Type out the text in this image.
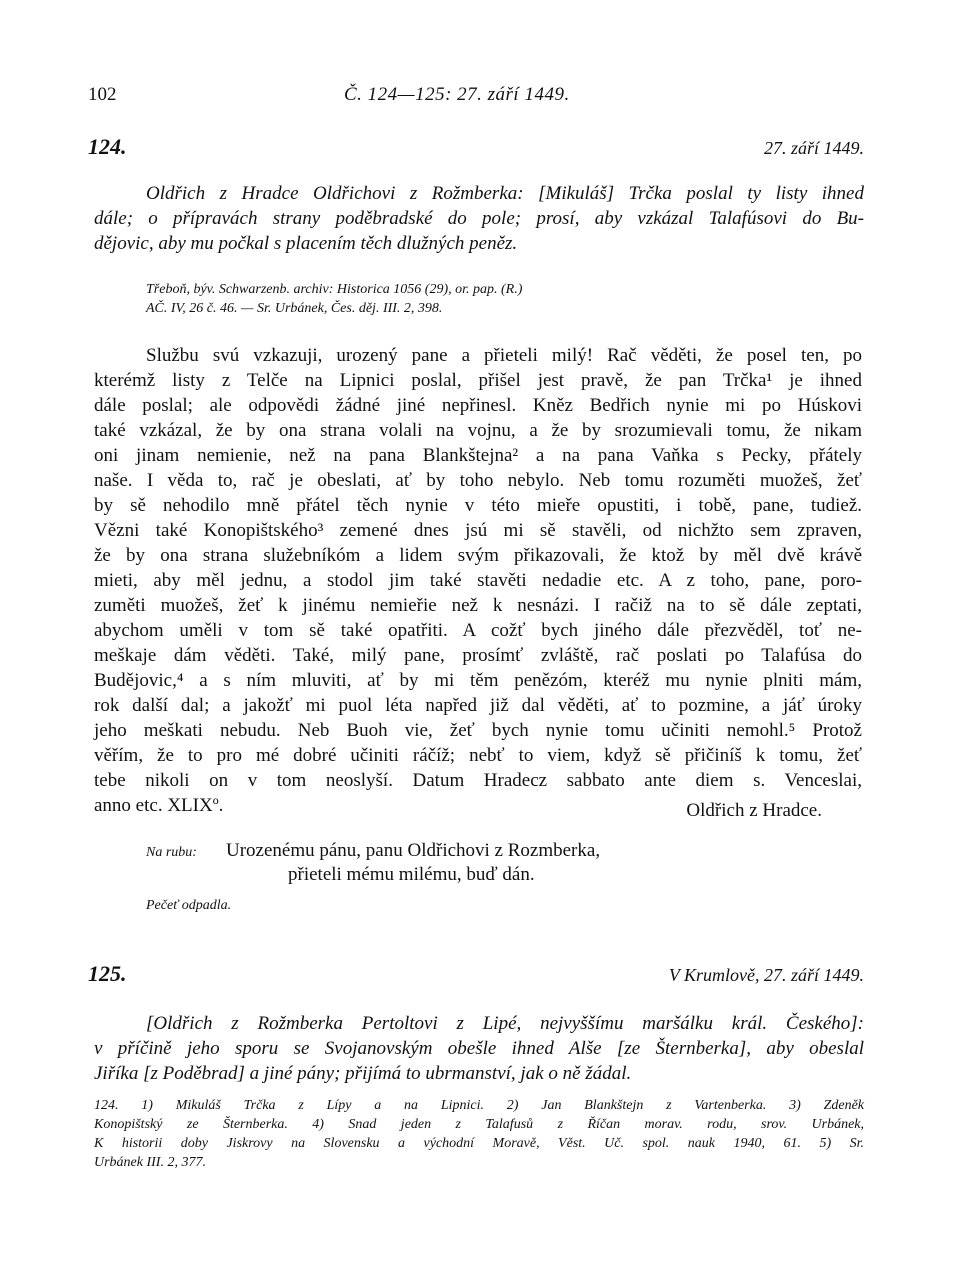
102	Č. 124—125: 27. září 1449.
124.	27. září 1449.
Oldřich z Hradce Oldřichovi z Rožmberka: [Mikuláš] Trčka poslal ty listy ihned
dále; o přípravách strany poděbradské do pole; prosí, aby vzkázal Talafúsovi do Bu-
dějovic, aby mu počkal s placením těch dlužných peněz.
Třeboň, býv. Schwarzenb. archiv: Historica 1056 (29), or. pap. (R.)
AČ. IV, 26 č. 46. — Sr. Urbánek, Čes. děj. III. 2, 398.
Službu svú vzkazuji, urozený pane a přieteli milý! Rač věděti, že posel ten, po
kterémž listy z Telče na Lipnici poslal, přišel jest pravě, že pan Trčka¹ je ihned
dále poslal; ale odpovědi žádné jiné nepřinesl. Kněz Bedřich nynie mi po Húskovi
také vzkázal, že by ona strana volali na vojnu, a že by srozumievali tomu, že nikam
oni jinam nemienie, než na pana Blankštejna² a na pana Vaňka s Pecky, přátely
naše. I věda to, rač je obeslati, ať by toho nebylo. Neb tomu rozuměti muožeš, žeť
by sě nehodilo mně přátel těch nynie v této mieře opustiti, i tobě, pane, tudiež.
Vězni také Konopištského³ zemené dnes jsú mi sě stavěli, od nichžto sem zpraven,
že by ona strana služebníkóm a lidem svým přikazovali, že ktož by měl dvě krávě
mieti, aby měl jednu, a stodol jim také stavěti nedadie etc. A z toho, pane, poro-
zuměti muožeš, žeť k jinému nemieřie než k nesnázi. I račiž na to sě dále zeptati,
abychom uměli v tom sě také opatřiti. A cožť bych jiného dále přezvěděl, toť ne-
meškaje dám věděti. Také, milý pane, prosímť zvláště, rač poslati po Talafúsa do
Budějovic,⁴ a s ním mluviti, ať by mi těm penězóm, kteréž mu nynie plniti mám,
rok další dal; a jakožť mi puol léta napřed již dal věděti, ať to pozmine, a jáť úroky
jeho meškati nebudu. Neb Buoh vie, žeť bych nynie tomu učiniti nemohl.⁵ Protož
věřím, že to pro mé dobré učiniti ráčíž; nebť to viem, když sě přičiníš k tomu, žeť
tebe nikoli on v tom neoslyší. Datum Hradecz sabbato ante diem s. Venceslai,
anno etc. XLIXº.	Oldřich z Hradce.
Na rubu: Urozenému pánu, panu Oldřichovi z Rozmberka,
přieteli mému milému, buď dán.
Pečeť odpadla.
125.	V Krumlově, 27. září 1449.
[Oldřich z Rožmberka Pertoltovi z Lipé, nejvyššímu maršálku král. Českého]:
v příčině jeho sporu se Svojanovským obešle ihned Alše [ze Šternberka], aby obeslal
Jiříka [z Poděbrad] a jiné pány; přijímá to ubrmanství, jak o ně žádal.
124. 1) Mikuláš Trčka z Lípy a na Lipnici. 2) Jan Blankštejn z Vartenberka. 3) Zdeněk
Konopištský ze Šternberka. 4) Snad jeden z Talafusů z Říčan morav. rodu, srov. Urbánek,
K historii doby Jiskrovy na Slovensku a východní Moravě, Věst. Uč. spol. nauk 1940, 61. 5) Sr.
Urbánek III. 2, 377.
